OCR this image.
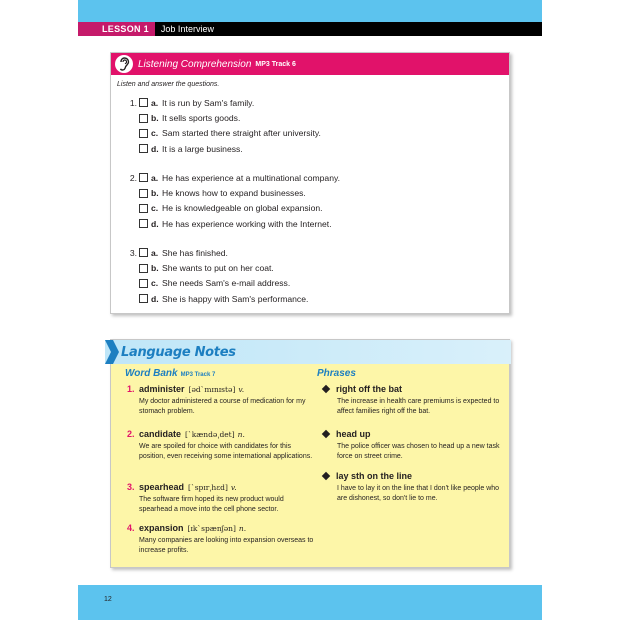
LESSON 1	Job Interview
Listening Comprehension MP3 Track 6
Listen and answer the questions.
1. a. It is run by Sam's family.
b. It sells sports goods.
c. Sam started there straight after university.
d. It is a large business.
2. a. He has experience at a multinational company.
b. He knows how to expand businesses.
c. He is knowledgeable on global expansion.
d. He has experience working with the Internet.
3. a. She has finished.
b. She wants to put on her coat.
c. She needs Sam's e-mail address.
d. She is happy with Sam's performance.
Language Notes
Word Bank MP3 Track 7	Phrases
1. administer [ədˋmɪnɪstə] v.
My doctor administered a course of medication for my stomach problem.
2. candidate [ˋkændə͵det] n.
We are spoiled for choice with candidates for this position, even receiving some international applications.
3. spearhead [ˋspɪr͵hɛd] v.
The software firm hoped its new product would spearhead a move into the cell phone sector.
4. expansion [ɪkˋspænʃən] n.
Many companies are looking into expansion overseas to increase profits.
right off the bat
The increase in health care premiums is expected to affect families right off the bat.
head up
The police officer was chosen to head up a new task force on street crime.
lay sth on the line
I have to lay it on the line that I don't like people who are dishonest, so don't lie to me.
12
